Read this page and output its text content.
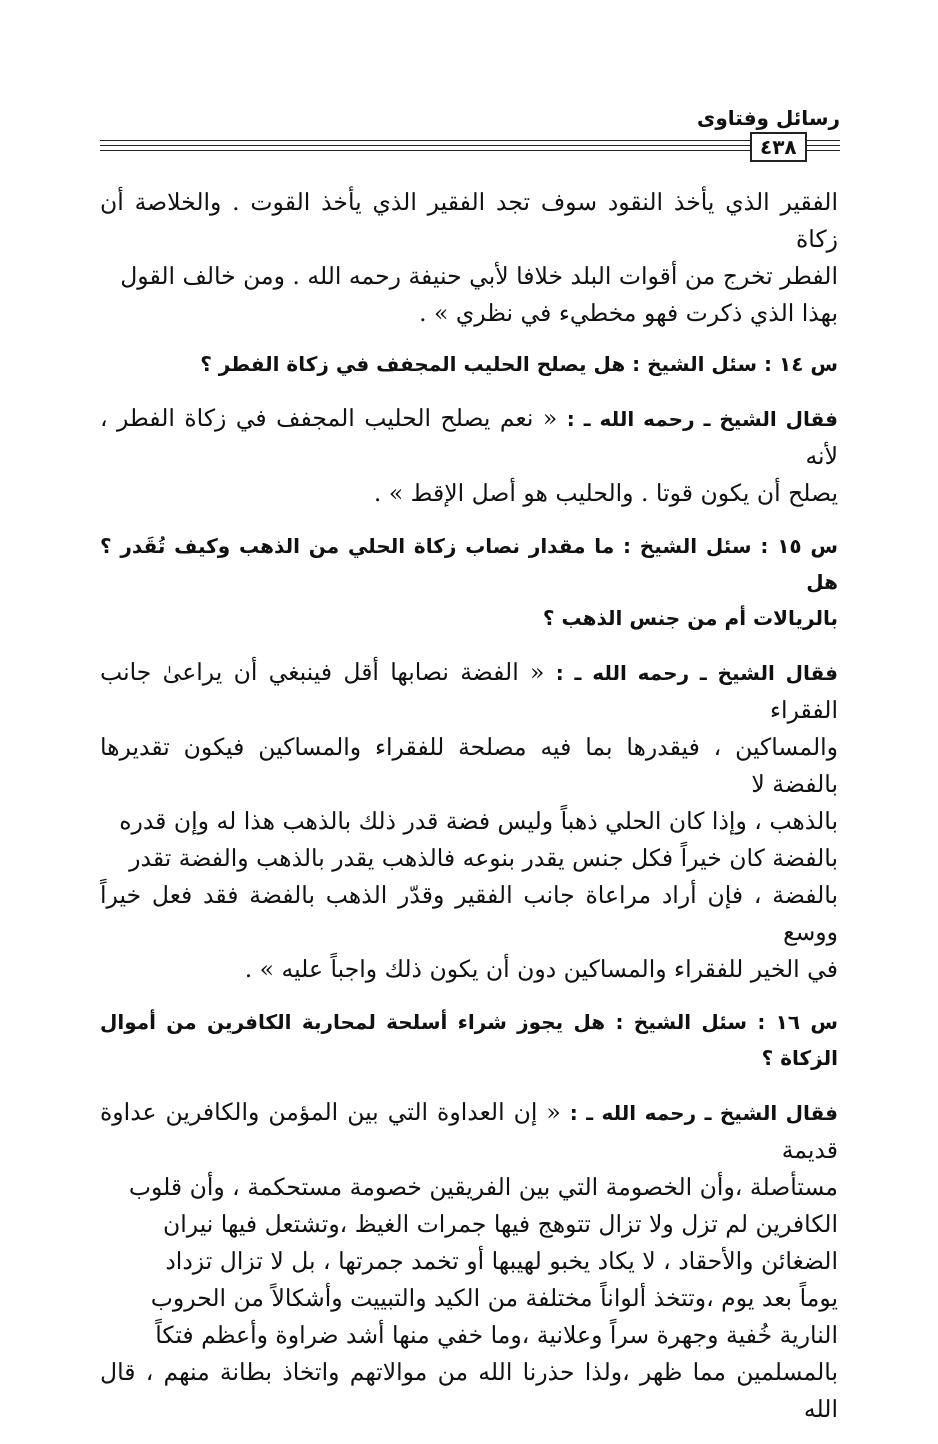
رسائل وفتاوى
٤٣٨

الفقير الذي يأخذ النقود سوف تجد الفقير الذي يأخذ القوت . والخلاصة أن زكاة
الفطر تخرج من أقوات البلد خلافا لأبي حنيفة رحمه الله . ومن خالف القول
بهذا الذي ذكرت فهو مخطيء في نظري » .

س ١٤ : سئل الشيخ : هل يصلح الحليب المجفف في زكاة الفطر ؟

فقال الشيخ ـ رحمه الله ـ : « نعم يصلح الحليب المجفف في زكاة الفطر ، لأنه
يصلح أن يكون قوتا . والحليب هو أصل الإقط » .

س ١٥ : سئل الشيخ : ما مقدار نصاب زكاة الحلي من الذهب وكيف تُقَدر ؟ هل
بالريالات أم من جنس الذهب ؟

فقال الشيخ ـ رحمه الله ـ : « الفضة نصابها أقل فينبغي أن يراعىٰ جانب الفقراء
والمساكين ، فيقدرها بما فيه مصلحة للفقراء والمساكين فيكون تقديرها بالفضة لا
بالذهب ، وإذا كان الحلي ذهباً وليس فضة قدر ذلك بالذهب هذا له وإن قدره
بالفضة كان خيراً فكل جنس يقدر بنوعه فالذهب يقدر بالذهب والفضة تقدر
بالفضة ، فإن أراد مراعاة جانب الفقير وقدّر الذهب بالفضة فقد فعل خيراً ووسع
في الخير للفقراء والمساكين دون أن يكون ذلك واجباً عليه » .

س ١٦ : سئل الشيخ : هل يجوز شراء أسلحة لمحاربة الكافرين من أموال الزكاة ؟

فقال الشيخ ـ رحمه الله ـ : « إن العداوة التي بين المؤمن والكافرين عداوة قديمة
مستأصلة ،وأن الخصومة التي بين الفريقين خصومة مستحكمة ، وأن قلوب
الكافرين لم تزل ولا تزال تتوهج فيها جمرات الغيظ ،وتشتعل فيها نيران
الضغائن والأحقاد ، لا يكاد يخبو لهيبها أو تخمد جمرتها ، بل لا تزال تزداد
يوماً بعد يوم ،وتتخذ ألواناً مختلفة من الكيد والتبييت وأشكالاً من الحروب
النارية خُفية وجهرة سراً وعلانية ،وما خفي منها أشد ضراوة وأعظم فتكاً
بالمسلمين مما ظهر ،ولذا حذرنا الله من موالاتهم واتخاذ بطانة منهم ، قال الله
